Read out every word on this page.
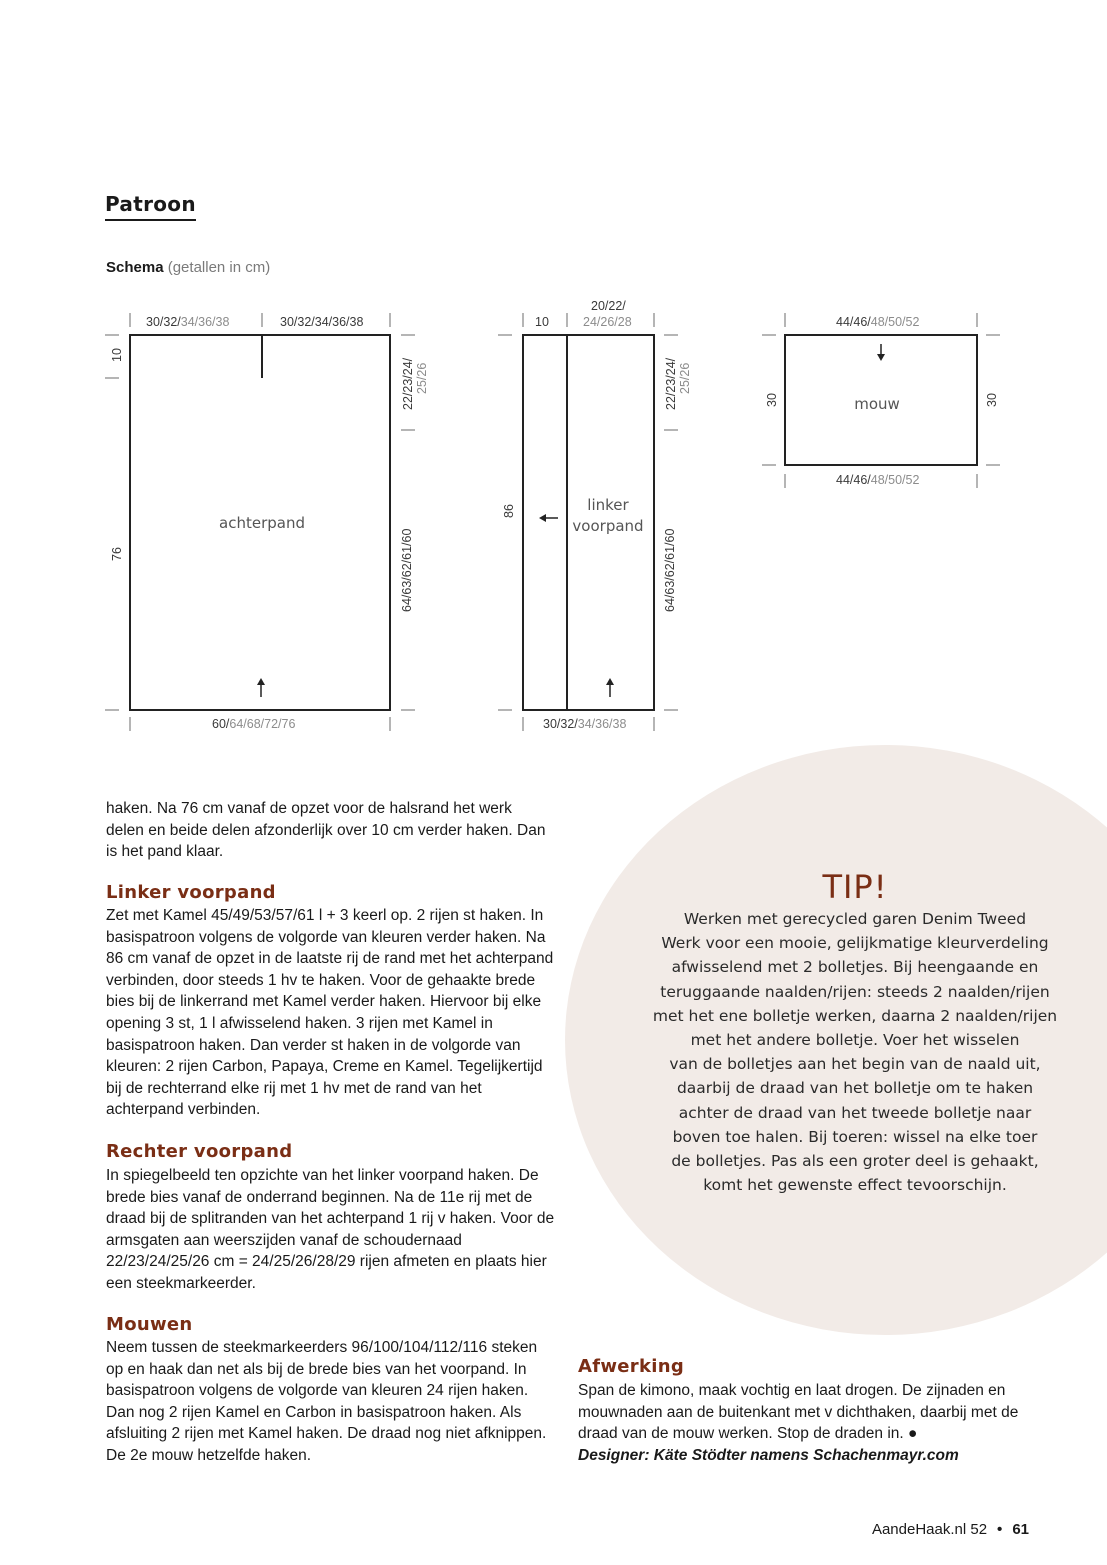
Patroon

Schema (getallen in cm)

achterpand
30/32/34/36/38	30/32/34/36/38
10
76
22/23/24/25/26
64/63/62/61/60
60/64/68/72/76
linker
voorpand
10
20/22/
24/26/28
86
22/23/24/25/26
64/63/62/61/60
30/32/34/36/38
mouw
44/46/48/50/52
44/46/48/50/52
30	30
TIP!

Werken met gerecycled garen Denim Tweed
Werk voor een mooie, gelijkmatige kleurverdeling
afwisselend met 2 bolletjes. Bij heengaande en
teruggaande naalden/rijen: steeds 2 naalden/rijen
met het ene bolletje werken, daarna 2 naalden/rijen
met het andere bolletje. Voer het wisselen
van de bolletjes aan het begin van de naald uit,
daarbij de draad van het bolletje om te haken
achter de draad van het tweede bolletje naar
boven toe halen. Bij toeren: wissel na elke toer
de bolletjes. Pas als een groter deel is gehaakt,
komt het gewenste effect tevoorschijn.

haken. Na 76 cm vanaf de opzet voor de halsrand het werk delen en beide delen afzonderlijk over 10 cm verder haken. Dan is het pand klaar.

Linker voorpand

Zet met Kamel 45/49/53/57/61 l + 3 keerl op. 2 rijen st haken. In basispatroon volgens de volgorde van kleuren verder haken. Na 86 cm vanaf de opzet in de laatste rij de rand met het achterpand verbinden, door steeds 1 hv te haken. Voor de gehaakte brede bies bij de linkerrand met Kamel verder haken. Hiervoor bij elke opening 3 st, 1 l afwisselend haken. 3 rijen met Kamel in basispatroon haken. Dan verder st haken in de volgorde van kleuren: 2 rijen Carbon, Papaya, Creme en Kamel. Tegelijkertijd bij de rechterrand elke rij met 1 hv met de rand van het achterpand verbinden.

Rechter voorpand

In spiegelbeeld ten opzichte van het linker voorpand haken. De brede bies vanaf de onderrand beginnen. Na de 11e rij met de draad bij de splitranden van het achterpand 1 rij v haken. Voor de armsgaten aan weerszijden vanaf de schoudernaad 22/23/24/25/26 cm = 24/25/26/28/29 rijen afmeten en plaats hier een steekmarkeerder.

Mouwen

Neem tussen de steekmarkeerders 96/100/104/112/116 steken op en haak dan net als bij de brede bies van het voorpand. In basispatroon volgens de volgorde van kleuren 24 rijen haken. Dan nog 2 rijen Kamel en Carbon in basispatroon haken. Als afsluiting 2 rijen met Kamel haken. De draad nog niet afknippen. De 2e mouw hetzelfde haken.

Afwerking

Span de kimono, maak vochtig en laat drogen. De zijnaden en mouwnaden aan de buitenkant met v dichthaken, daarbij met de draad van de mouw werken. Stop de draden in. ●
Designer: Käte Stödter namens Schachenmayr.com

AandeHaak.nl 52 • 61
